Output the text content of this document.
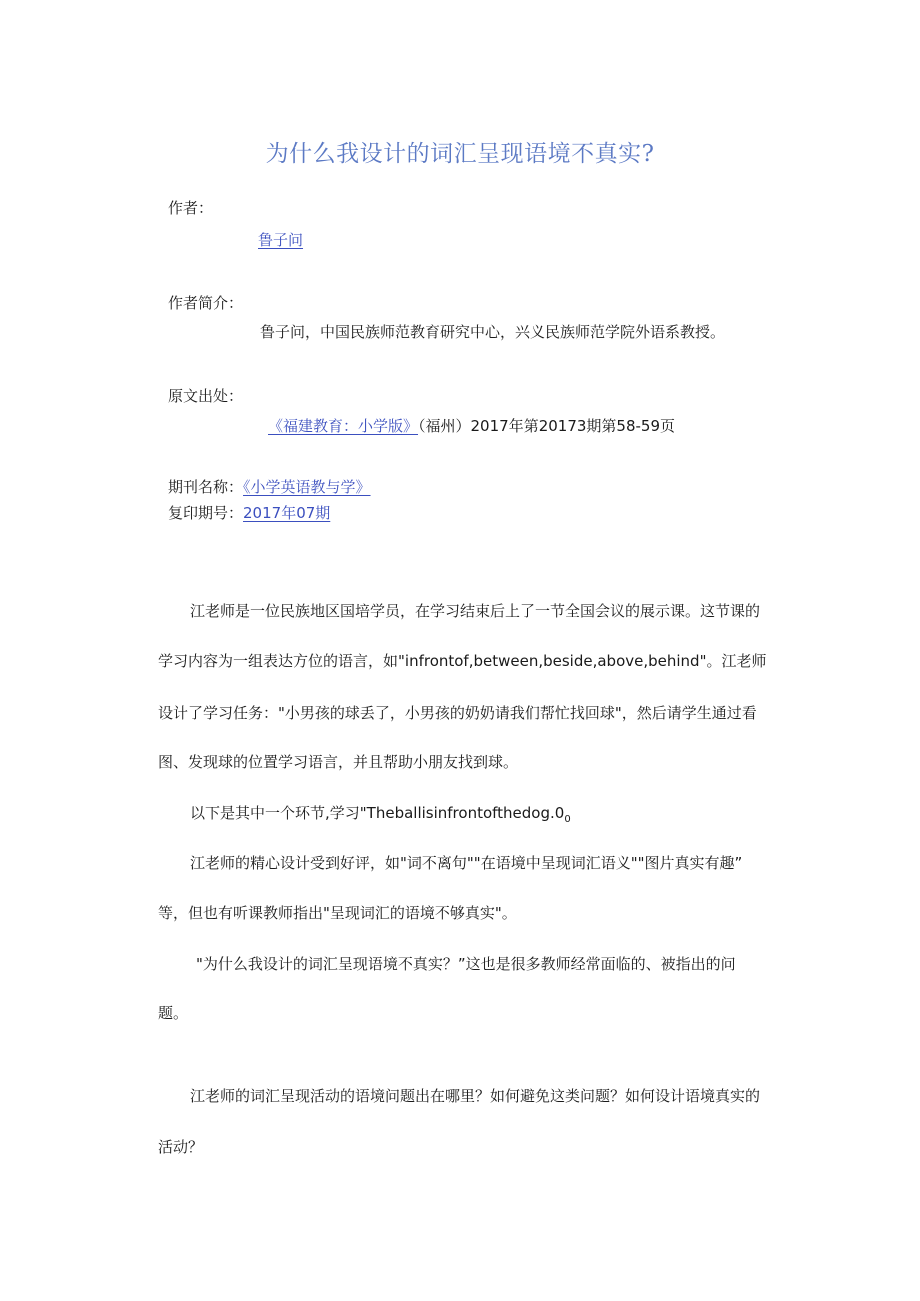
为什么我设计的词汇呈现语境不真实?

作者：

鲁子问

作者简介：

鲁子问，中国民族师范教育研究中心，兴义民族师范学院外语系教授。

原文出处：

《福建教育：小学版》（福州）2017年第20173期第58-59页

期刊名称：《小学英语教与学》

复印期号：2017年07期

江老师是一位民族地区国培学员，在学习结束后上了一节全国会议的展示课。这节课的

学习内容为一组表达方位的语言，如"infrontof,between,beside,above,behind"。江老师

设计了学习任务："小男孩的球丢了，小男孩的奶奶请我们帮忙找回球"，然后请学生通过看

图、发现球的位置学习语言，并且帮助小朋友找到球。

以下是其中一个环节,学习"$Theballisinfrontofthedog.0_0$

江老师的精心设计受到好评，如"词不离句""在语境中呈现词汇语义""图片真实有趣”

等，但也有听课教师指出"呈现词汇的语境不够真实"。

"为什么我设计的词汇呈现语境不真实？”这也是很多教师经常面临的、被指出的问

题。

江老师的词汇呈现活动的语境问题出在哪里？如何避免这类问题？如何设计语境真实的

活动？
